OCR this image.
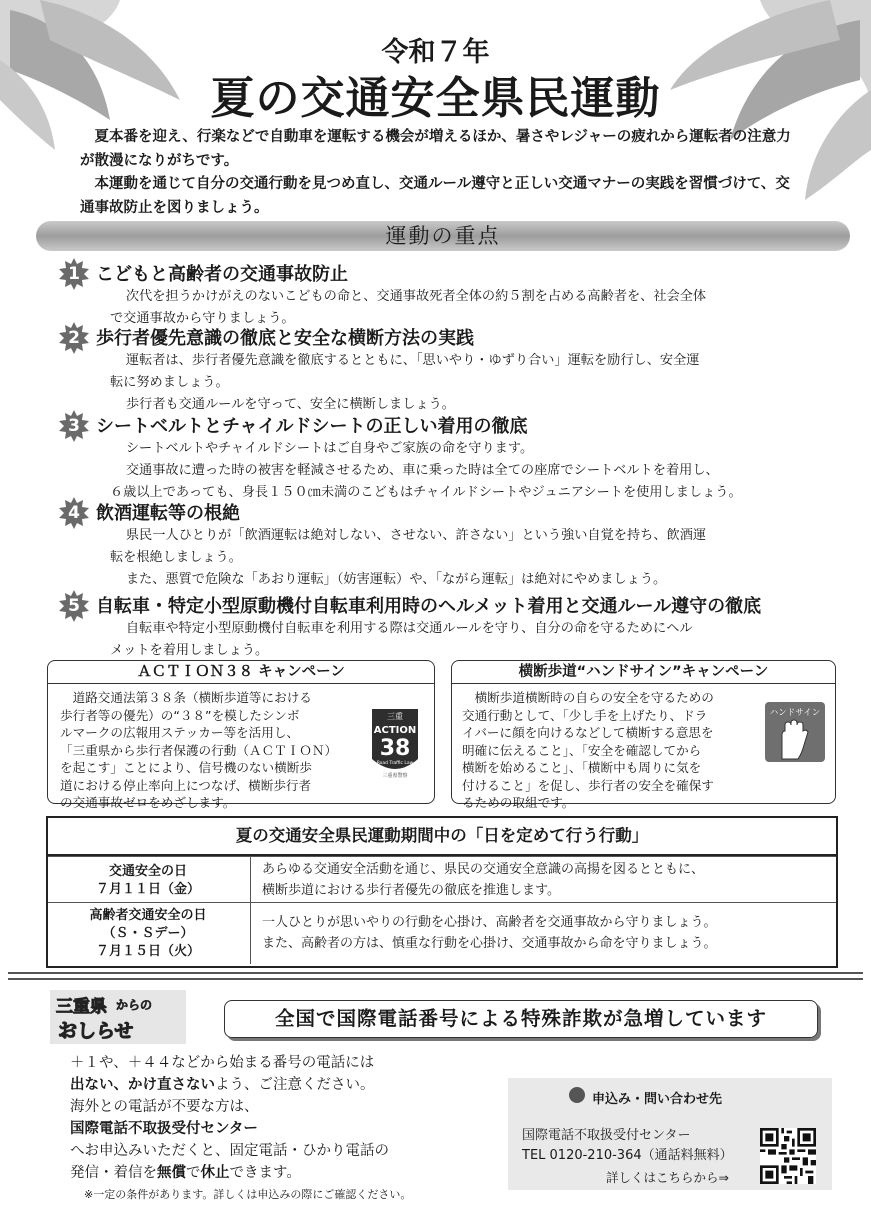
令和７年
夏の交通安全県民運動

夏本番を迎え、行楽などで自動車を運転する機会が増えるほか、暑さやレジャーの疲れから運転者の注意力が散漫になりがちです。

本運動を通じて自分の交通行動を見つめ直し、交通ルール遵守と正しい交通マナーの実践を習慣づけて、交通事故防止を図りましょう。

運動の重点
1 こどもと高齢者の交通事故防止

次代を担うかけがえのないこどもの命と、交通事故死者全体の約５割を占める高齢者を、社会全体

で交通事故から守りましょう。

2 歩行者優先意識の徹底と安全な横断方法の実践

運転者は、歩行者優先意識を徹底するとともに、「思いやり・ゆずり合い」運転を励行し、安全運

転に努めましょう。

歩行者も交通ルールを守って、安全に横断しましょう。

3 シートベルトとチャイルドシートの正しい着用の徹底

シートベルトやチャイルドシートはご自身やご家族の命を守ります。

交通事故に遭った時の被害を軽減させるため、車に乗った時は全ての座席でシートベルトを着用し、

６歳以上であっても、身長１５０㎝未満のこどもはチャイルドシートやジュニアシートを使用しましょう。

4 飲酒運転等の根絶

県民一人ひとりが「飲酒運転は絶対しない、させない、許さない」という強い自覚を持ち、飲酒運

転を根絶しましょう。

また、悪質で危険な「あおり運転」（妨害運転）や、「ながら運転」は絶対にやめましょう。

5 自転車・特定小型原動機付自転車利用時のヘルメット着用と交通ルール遵守の徹底

自転車や特定小型原動機付自転車を利用する際は交通ルールを守り、自分の命を守るためにヘル

メットを着用しましょう。

ＡＣＴＩＯＮ３８ キャンペーン
道路交通法第３８条（横断歩道等における
歩行者等の優先）の“３８”を模したシンボ
ルマークの広報用ステッカー等を活用し、
「三重県から歩行者保護の行動（ＡＣＴＩＯＮ）
を起こす」ことにより、信号機のない横断歩
道における停止率向上につなげ、横断歩行者
の交通事故ゼロをめざします。
三重
ACTION
38
Road Traffic Law
三重県警察
横断歩道“ハンドサイン”キャンペーン
横断歩道横断時の自らの安全を守るための
交通行動として、「少し手を上げたり、ドラ
イバーに顔を向けるなどして横断する意思を
明確に伝えること」、「安全を確認してから
横断を始めること」、「横断中も周りに気を
付けること」を促し、歩行者の安全を確保す
るための取組です。
ハンドサイン
夏の交通安全県民運動期間中の「日を定めて行う行動」
交通安全の日
７月１１日（金）
あらゆる交通安全活動を通じ、県民の交通安全意識の高揚を図るとともに、
横断歩道における歩行者優先の徹底を推進します。
高齢者交通安全の日
（Ｓ・Ｓデー）
７月１５日（火）
一人ひとりが思いやりの行動を心掛け、高齢者を交通事故から守りましょう。
また、高齢者の方は、慎重な行動を心掛け、交通事故から命を守りましょう。
三重県 からの
おしらせ
全国で国際電話番号による特殊詐欺が急増しています
＋１や、＋４４などから始まる番号の電話には
出ない、かけ直さないよう、ご注意ください。
海外との電話が不要な方は、
国際電話不取扱受付センター
へお申込みいただくと、固定電話・ひかり電話の
発信・着信を無償で休止できます。
※一定の条件があります。詳しくは申込みの際にご確認ください。
申込み・問い合わせ先
国際電話不取扱受付センター
TEL 0120-210-364（通話料無料）
詳しくはこちらから⇒
